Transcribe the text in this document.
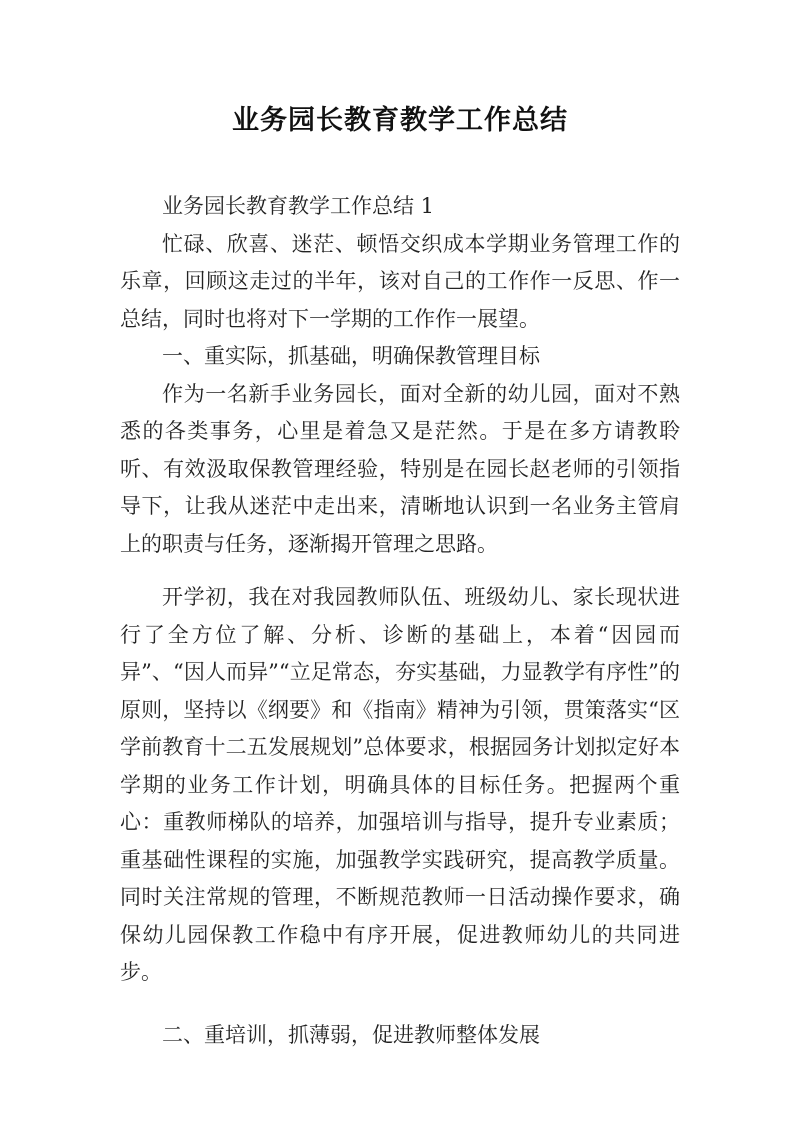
业务园长教育教学工作总结

业务园长教育教学工作总结 1

忙碌、欣喜、迷茫、顿悟交织成本学期业务管理工作的乐章，回顾这走过的半年，该对自己的工作作一反思、作一总结，同时也将对下一学期的工作作一展望。

一、重实际，抓基础，明确保教管理目标

作为一名新手业务园长，面对全新的幼儿园，面对不熟悉的各类事务，心里是着急又是茫然。于是在多方请教聆听、有效汲取保教管理经验，特别是在园长赵老师的引领指导下，让我从迷茫中走出来，清晰地认识到一名业务主管肩上的职责与任务，逐渐揭开管理之思路。

开学初，我在对我园教师队伍、班级幼儿、家长现状进行了全方位了解、分析、诊断的基础上，本着“因园而异”、“因人而异”“立足常态，夯实基础，力显教学有序性”的原则，坚持以《纲要》和《指南》精神为引领，贯策落实“区学前教育十二五发展规划”总体要求，根据园务计划拟定好本学期的业务工作计划，明确具体的目标任务。把握两个重心：重教师梯队的培养，加强培训与指导，提升专业素质；重基础性课程的实施，加强教学实践研究，提高教学质量。同时关注常规的管理，不断规范教师一日活动操作要求，确保幼儿园保教工作稳中有序开展，促进教师幼儿的共同进步。

二、重培训，抓薄弱，促进教师整体发展
